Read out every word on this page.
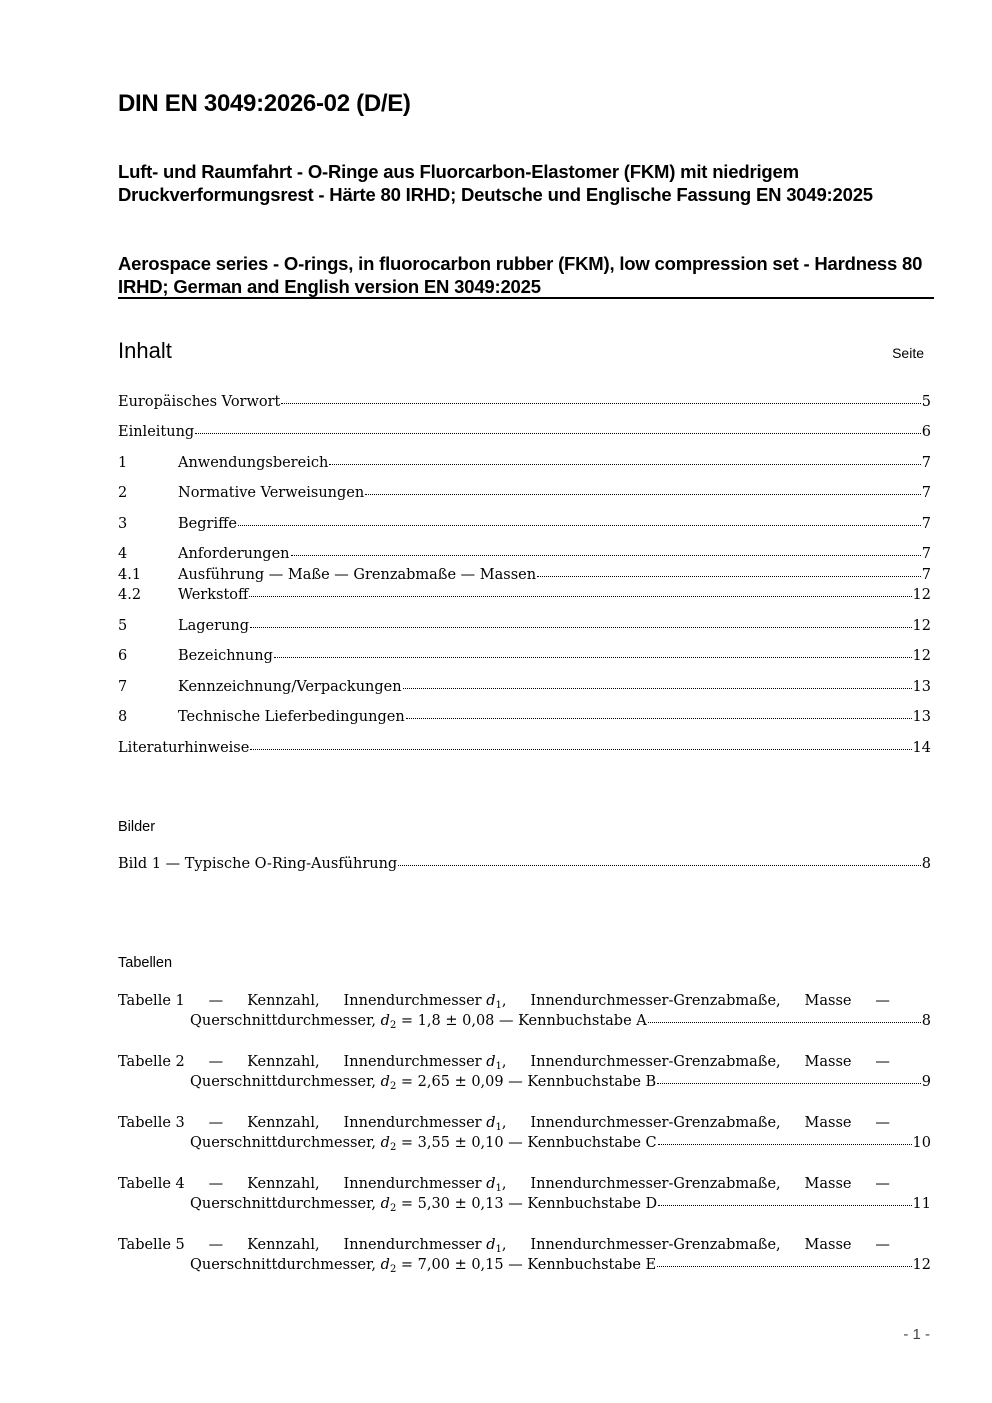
DIN EN 3049:2026-02 (D/E)
Luft- und Raumfahrt - O-Ringe aus Fluorcarbon-Elastomer (FKM) mit niedrigem Druckverformungsrest - Härte 80 IRHD; Deutsche und Englische Fassung EN 3049:2025
Aerospace series - O-rings, in fluorocarbon rubber (FKM), low compression set - Hardness 80 IRHD; German and English version EN 3049:2025
Inhalt	Seite
Europäisches Vorwort	5
Einleitung	6
1	Anwendungsbereich	7
2	Normative Verweisungen	7
3	Begriffe	7
4	Anforderungen	7
4.1	Ausführung — Maße — Grenzabmaße — Massen	7
4.2	Werkstoff	12
5	Lagerung	12
6	Bezeichnung	12
7	Kennzeichnung/Verpackungen	13
8	Technische Lieferbedingungen	13
Literaturhinweise	14
Bilder
Bild 1 — Typische O-Ring-Ausführung	8
Tabellen
Tabelle 1 — Kennzahl, Innendurchmesser $d_1$, Innendurchmesser-Grenzabmaße, Masse —
Querschnittdurchmesser, $d_2 = 1,8 \pm 0,08$ — Kennbuchstabe A	8
Tabelle 2 — Kennzahl, Innendurchmesser $d_1$, Innendurchmesser-Grenzabmaße, Masse —
Querschnittdurchmesser, $d_2 = 2,65 \pm 0,09$ — Kennbuchstabe B	9
Tabelle 3 — Kennzahl, Innendurchmesser $d_1$, Innendurchmesser-Grenzabmaße, Masse —
Querschnittdurchmesser, $d_2 = 3,55 \pm 0,10$ — Kennbuchstabe C	10
Tabelle 4 — Kennzahl, Innendurchmesser $d_1$, Innendurchmesser-Grenzabmaße, Masse —
Querschnittdurchmesser, $d_2 = 5,30 \pm 0,13$ — Kennbuchstabe D	11
Tabelle 5 — Kennzahl, Innendurchmesser $d_1$, Innendurchmesser-Grenzabmaße, Masse —
Querschnittdurchmesser, $d_2 = 7,00 \pm 0,15$ — Kennbuchstabe E	12
- 1 -
